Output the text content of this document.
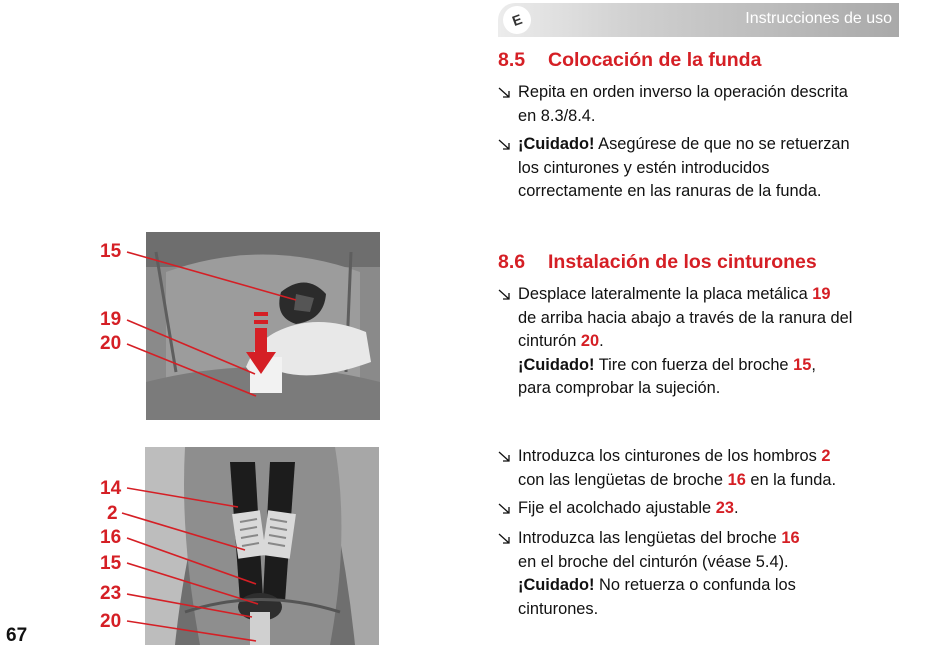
E	Instrucciones de uso
8.5 Colocación de la funda
Repita en orden inverso la operación descrita
en 8.3/8.4.
¡Cuidado! Asegúrese de que no se retuerzan
los cinturones y estén introducidos
correctamente en las ranuras de la funda.
8.6 Instalación de los cinturones
Desplace lateralmente la placa metálica 19
de arriba hacia abajo a través de la ranura del
cinturón 20.
¡Cuidado! Tire con fuerza del broche 15,
para comprobar la sujeción.
Introduzca los cinturones de los hombros 2
con las lengüetas de broche 16 en la funda.
Fije el acolchado ajustable 23.
Introduzca las lengüetas del broche 16
en el broche del cinturón (véase 5.4).
¡Cuidado! No retuerza o confunda los
cinturones.
15
19
20
14
2
16
15
23
20
67
